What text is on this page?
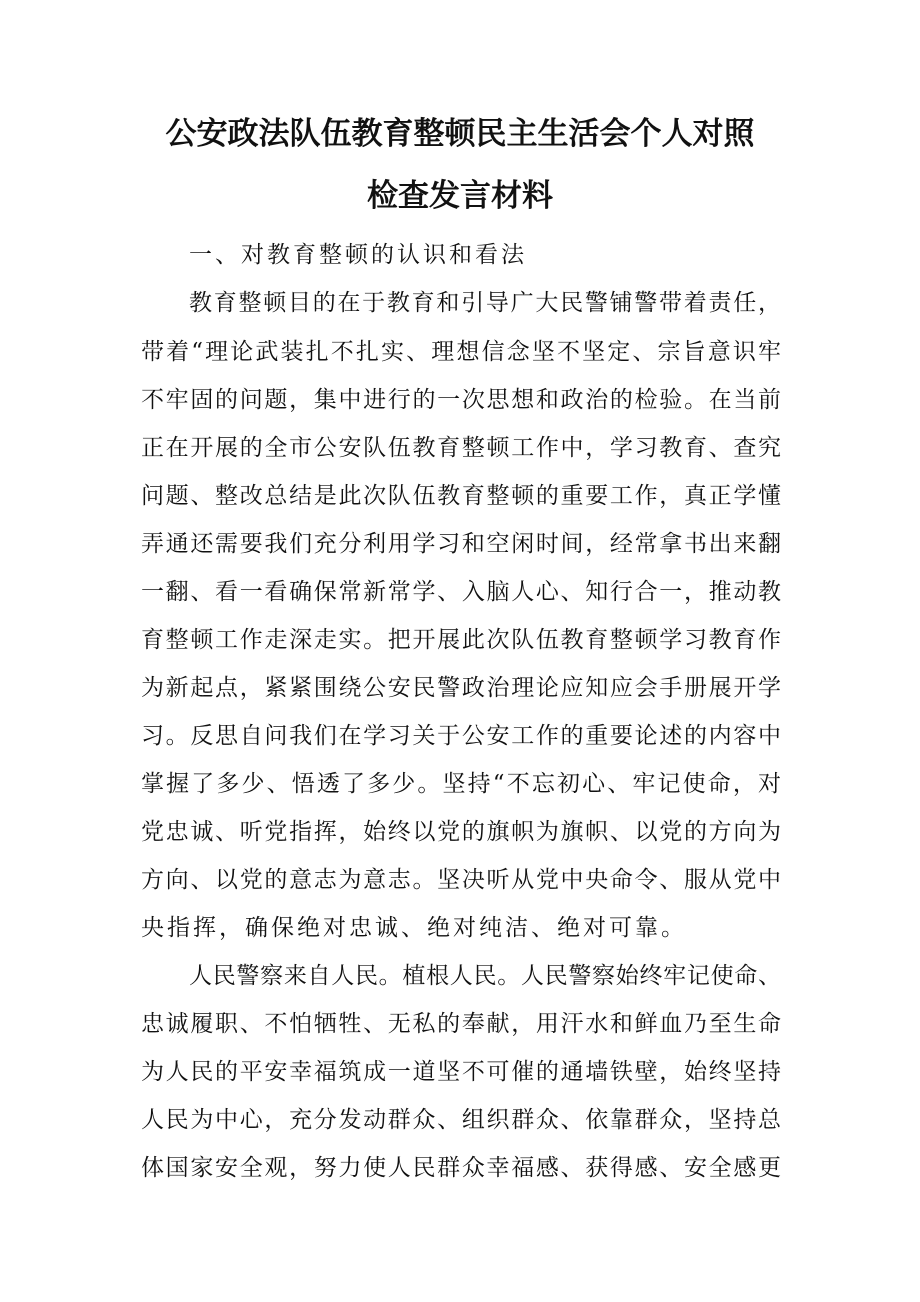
公安政法队伍教育整顿民主生活会个人对照
检查发言材料
一、对教育整顿的认识和看法
教育整顿目的在于教育和引导广大民警铺警带着责任，
带着“理论武装扎不扎实、理想信念坚不坚定、宗旨意识牢
不牢固的问题，集中进行的一次思想和政治的检验。在当前
正在开展的全市公安队伍教育整顿工作中，学习教育、查究
问题、整改总结是此次队伍教育整顿的重要工作，真正学懂
弄通还需要我们充分利用学习和空闲时间，经常拿书出来翻
一翻、看一看确保常新常学、入脑人心、知行合一，推动教
育整顿工作走深走实。把开展此次队伍教育整顿学习教育作
为新起点，紧紧围绕公安民警政治理论应知应会手册展开学
习。反思自问我们在学习关于公安工作的重要论述的内容中
掌握了多少、悟透了多少。坚持“不忘初心、牢记使命，对
党忠诚、听党指挥，始终以党的旗帜为旗帜、以党的方向为
方向、以党的意志为意志。坚决听从党中央命令、服从党中
央指挥，确保绝对忠诚、绝对纯洁、绝对可靠。
人民警察来自人民。植根人民。人民警察始终牢记使命、
忠诚履职、不怕牺牲、无私的奉献，用汗水和鲜血乃至生命
为人民的平安幸福筑成一道坚不可催的通墙铁壁，始终坚持
人民为中心，充分发动群众、组织群众、依靠群众，坚持总
体国家安全观，努力使人民群众幸福感、获得感、安全感更
